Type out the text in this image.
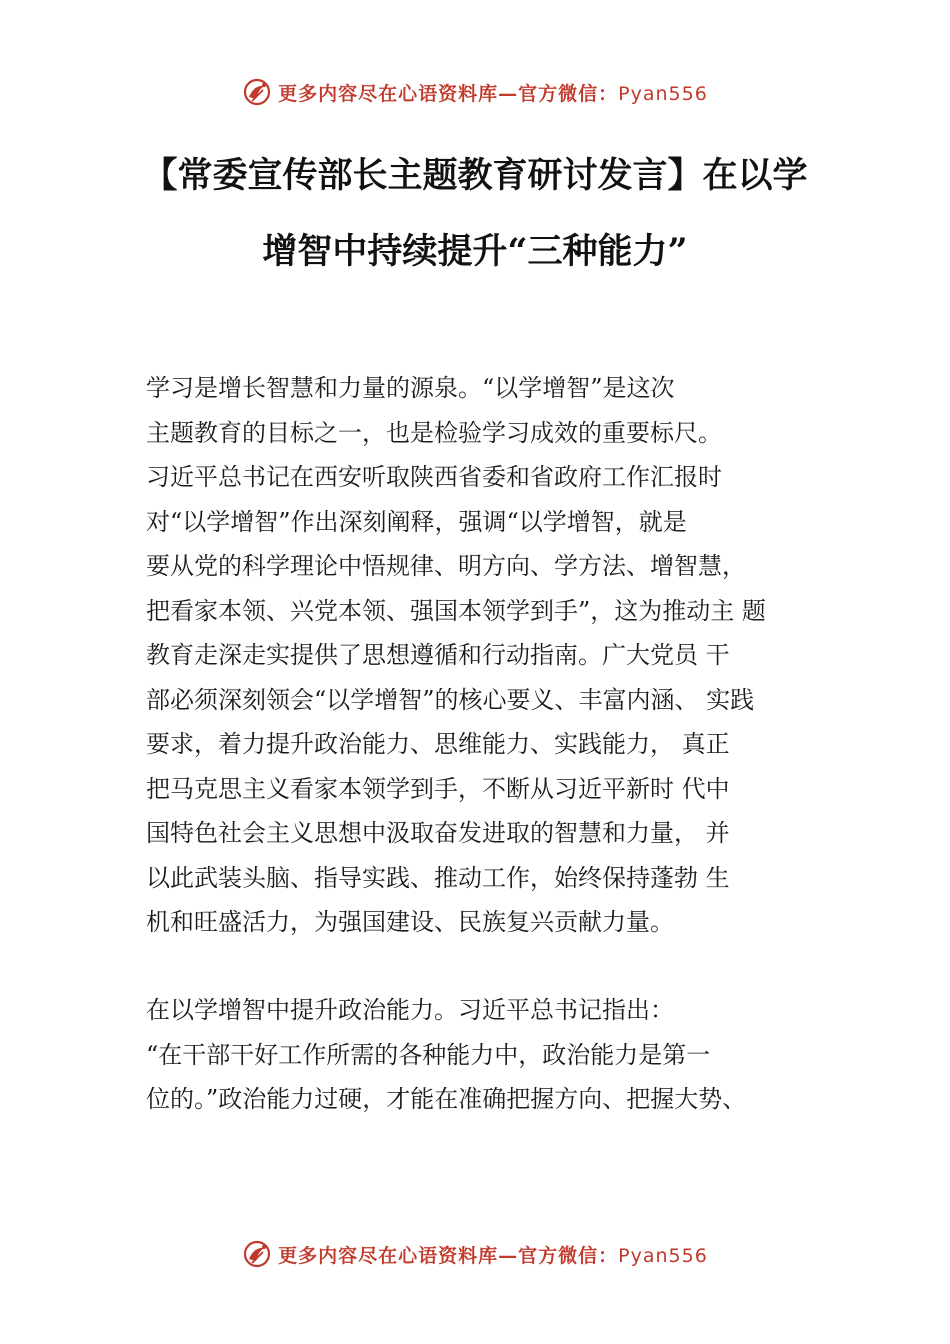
更多内容尽在心语资料库—官方微信：Pyan556
【常委宣传部长主题教育研讨发言】在以学
增智中持续提升“三种能力”
　　学习是增长智慧和力量的源泉。“以学增智”是这次
主题教育的目标之一，也是检验学习成效的重要标尺。
习近平总书记在西安听取陕西省委和省政府工作汇报时
对“以学增智”作出深刻阐释，强调“以学增智，就是
要从党的科学理论中悟规律、明方向、学方法、增智慧，
把看家本领、兴党本领、强国本领学到手”，这为推动主 题
教育走深走实提供了思想遵循和行动指南。广大党员 干
部必须深刻领会“以学增智”的核心要义、丰富内涵、 实践
要求，着力提升政治能力、思维能力、实践能力， 真正
把马克思主义看家本领学到手，不断从习近平新时 代中
国特色社会主义思想中汲取奋发进取的智慧和力量， 并
以此武装头脑、指导实践、推动工作，始终保持蓬勃 生
机和旺盛活力，为强国建设、民族复兴贡献力量。
　　在以学增智中提升政治能力。习近平总书记指出：
“在干部干好工作所需的各种能力中，政治能力是第一
位的。”政治能力过硬，才能在准确把握方向、把握大势、
更多内容尽在心语资料库—官方微信：Pyan556
